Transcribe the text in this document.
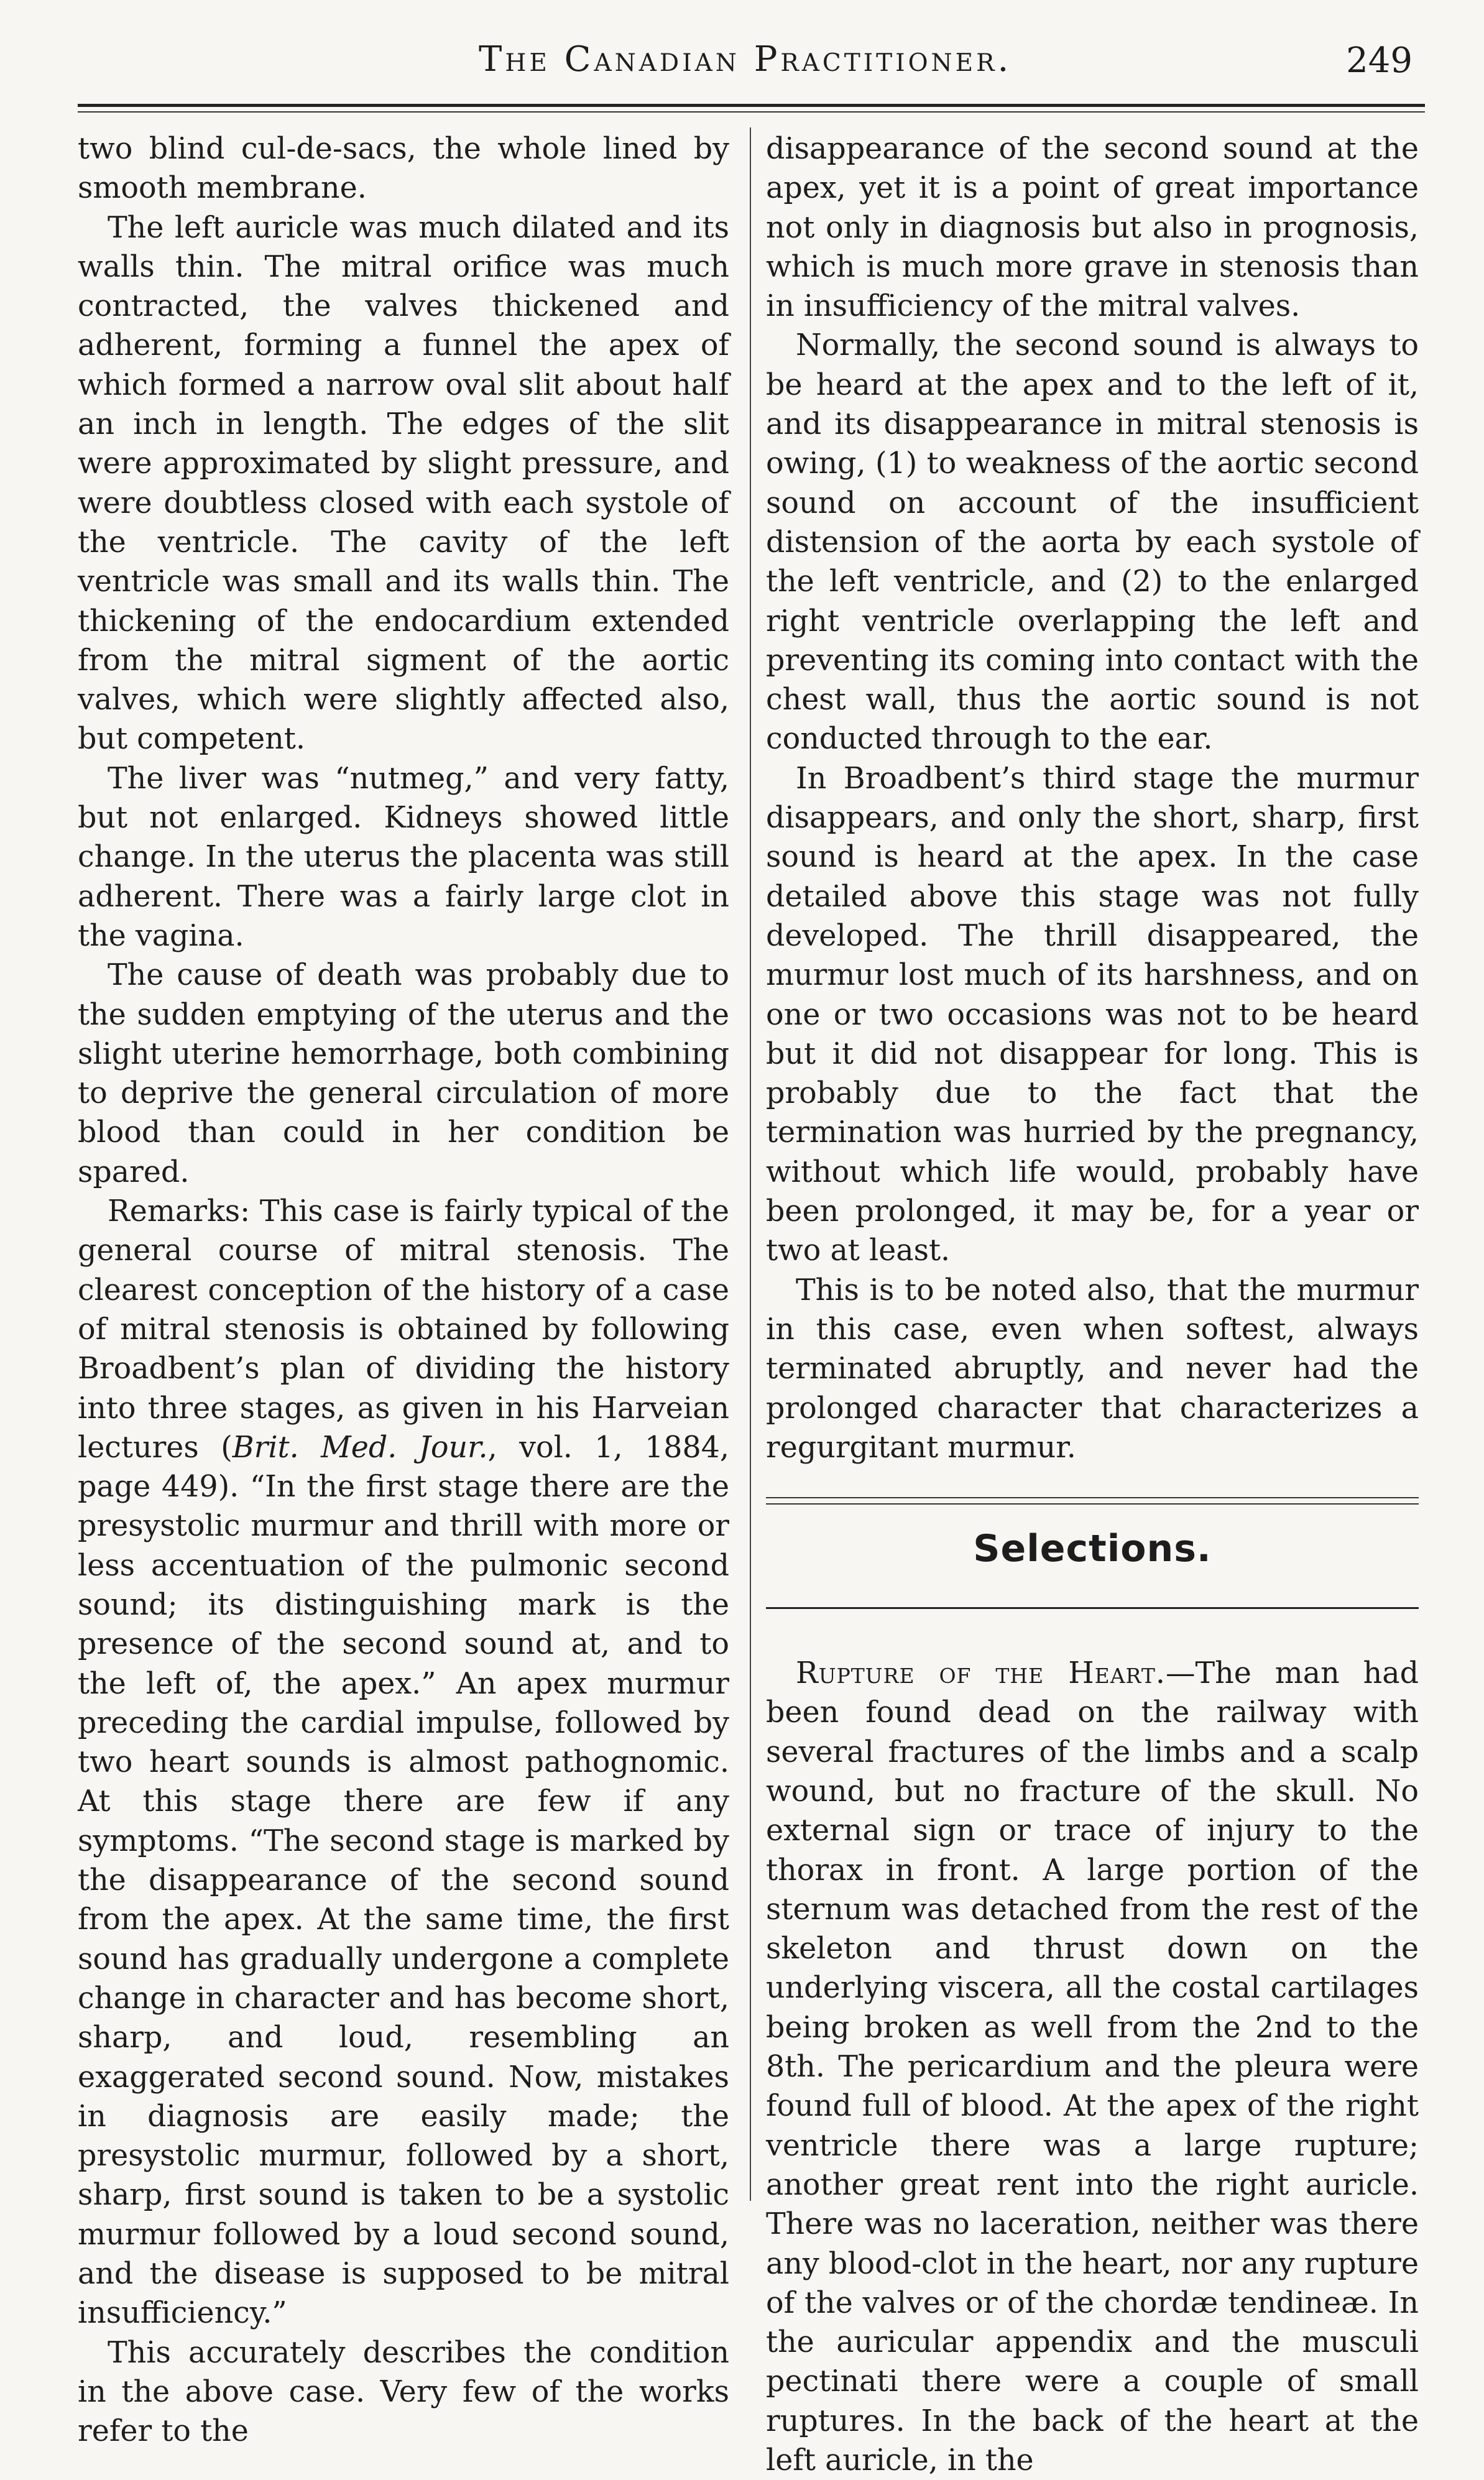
The Canadian Practitioner.	249

two blind cul-de-sacs, the whole lined by smooth membrane.

The left auricle was much dilated and its walls thin. The mitral orifice was much contracted, the valves thickened and adherent, forming a funnel the apex of which formed a narrow oval slit about half an inch in length. The edges of the slit were approximated by slight pressure, and were doubtless closed with each systole of the ventricle. The cavity of the left ventricle was small and its walls thin. The thickening of the endocardium extended from the mitral sigment of the aortic valves, which were slightly affected also, but competent.

The liver was “nutmeg,” and very fatty, but not enlarged. Kidneys showed little change. In the uterus the placenta was still adherent. There was a fairly large clot in the vagina.

The cause of death was probably due to the sudden emptying of the uterus and the slight uterine hemorrhage, both combining to deprive the general circulation of more blood than could in her condition be spared.

Remarks: This case is fairly typical of the general course of mitral stenosis. The clearest conception of the history of a case of mitral stenosis is obtained by following Broadbent’s plan of dividing the history into three stages, as given in his Harveian lectures (Brit. Med. Jour., vol. 1, 1884, page 449). “In the first stage there are the presystolic murmur and thrill with more or less accentuation of the pulmonic second sound; its distinguishing mark is the presence of the second sound at, and to the left of, the apex.” An apex murmur preceding the cardial impulse, followed by two heart sounds is almost pathognomic. At this stage there are few if any symptoms. “The second stage is marked by the disappearance of the second sound from the apex. At the same time, the first sound has gradually undergone a complete change in character and has become short, sharp, and loud, resembling an exaggerated second sound. Now, mistakes in diagnosis are easily made; the presystolic murmur, followed by a short, sharp, first sound is taken to be a systolic murmur followed by a loud second sound, and the disease is supposed to be mitral insufficiency.”

This accurately describes the condition in the above case. Very few of the works refer to the

disappearance of the second sound at the apex, yet it is a point of great importance not only in diagnosis but also in prognosis, which is much more grave in stenosis than in insufficiency of the mitral valves.

Normally, the second sound is always to be heard at the apex and to the left of it, and its disappearance in mitral stenosis is owing, (1) to weakness of the aortic second sound on account of the insufficient distension of the aorta by each systole of the left ventricle, and (2) to the enlarged right ventricle overlapping the left and preventing its coming into contact with the chest wall, thus the aortic sound is not conducted through to the ear.

In Broadbent’s third stage the murmur disappears, and only the short, sharp, first sound is heard at the apex. In the case detailed above this stage was not fully developed. The thrill disappeared, the murmur lost much of its harshness, and on one or two occasions was not to be heard but it did not disappear for long. This is probably due to the fact that the termination was hurried by the pregnancy, without which life would, probably have been prolonged, it may be, for a year or two at least.

This is to be noted also, that the murmur in this case, even when softest, always terminated abruptly, and never had the prolonged character that characterizes a regurgitant murmur.

Selections.

Rupture of the Heart.—The man had been found dead on the railway with several fractures of the limbs and a scalp wound, but no fracture of the skull. No external sign or trace of injury to the thorax in front. A large portion of the sternum was detached from the rest of the skeleton and thrust down on the underlying viscera, all the costal cartilages being broken as well from the 2nd to the 8th. The pericardium and the pleura were found full of blood. At the apex of the right ventricle there was a large rupture; another great rent into the right auricle. There was no laceration, neither was there any blood-clot in the heart, nor any rupture of the valves or of the chordæ tendineæ. In the auricular appendix and the musculi pectinati there were a couple of small ruptures. In the back of the heart at the left auricle, in the
